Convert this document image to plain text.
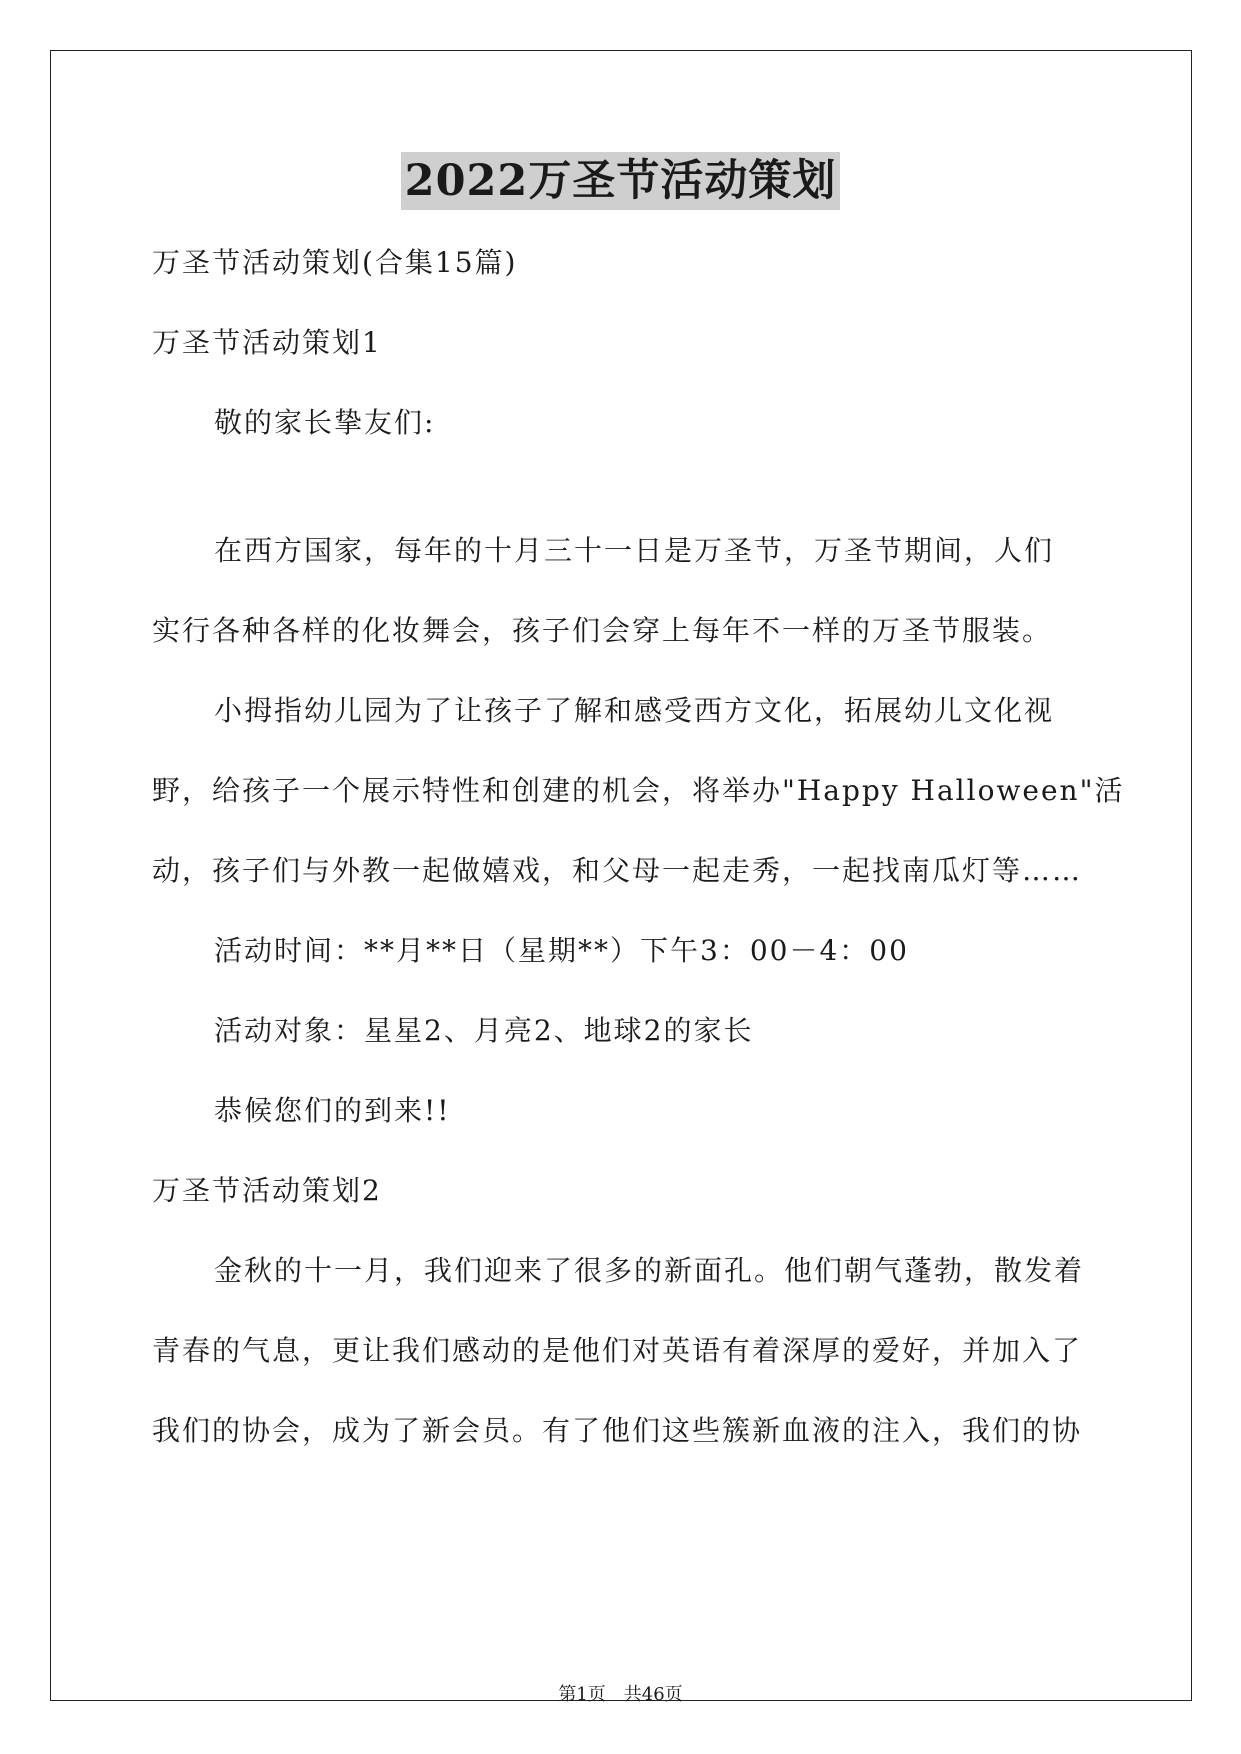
2022万圣节活动策划
万圣节活动策划(合集15篇)
万圣节活动策划1
敬的家长挚友们:
在西方国家，每年的十月三十一日是万圣节，万圣节期间，人们
实行各种各样的化妆舞会，孩子们会穿上每年不一样的万圣节服装。
小拇指幼儿园为了让孩子了解和感受西方文化，拓展幼儿文化视
野，给孩子一个展示特性和创建的机会，将举办"Happy Halloween"活
动，孩子们与外教一起做嬉戏，和父母一起走秀，一起找南瓜灯等……
活动时间：**月**日（星期**）下午3：00－4：00
活动对象：星星2、月亮2、地球2的家长
恭候您们的到来!!
万圣节活动策划2
金秋的十一月，我们迎来了很多的新面孔。他们朝气蓬勃，散发着
青春的气息，更让我们感动的是他们对英语有着深厚的爱好，并加入了
我们的协会，成为了新会员。有了他们这些簇新血液的注入，我们的协
第1页　共46页
